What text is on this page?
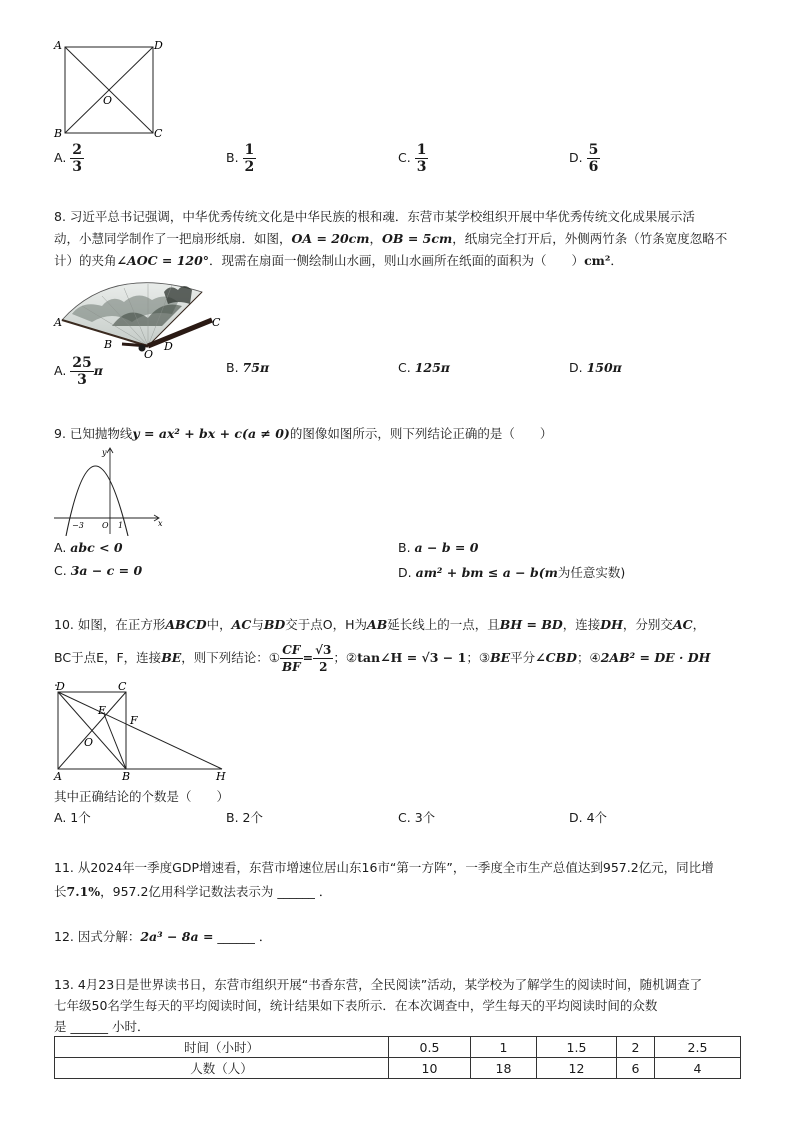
A	D
B	C
O
A. $\frac{2}{3}$	B. $\frac{1}{2}$	C. $\frac{1}{3}$	D. $\frac{5}{6}$
8. 习近平总书记强调，中华优秀传统文化是中华民族的根和魂．东营市某学校组织开展中华优秀传统文化成果展示活
动，小慧同学制作了一把扇形纸扇．如图，OA = 20cm，OB = 5cm，纸扇完全打开后，外侧两竹条（竹条宽度忽略不
计）的夹角∠AOC = 120°．现需在扇面一侧绘制山水画，则山水画所在纸面的面积为（　　）cm²．
A
B
O
D
C
A. $\frac{25}{3}$ π	B. 75π	C. 125π	D. 150π
9. 已知抛物线y = ax² + bx + c(a ≠ 0)的图像如图所示，则下列结论正确的是（　　）
x
y
O
−3	1
A. abc < 0	B. a − b = 0
C. 3a − c = 0	D. am² + bm ≤ a − b(m为任意实数)
10. 如图，在正方形ABCD中，AC与BD交于点O，H为AB延长线上的一点，且BH = BD，连接DH，分别交AC，
BC于点E，F，连接BE，则下列结论：① $\frac{CF}{BF} = \frac{√3}{2}$ ；②tan∠H = √3 − 1；③BE平分∠CBD；④2AB² = DE · DH
.
D	C
E
F
O
A	B	H
其中正确结论的个数是（　　）
A. 1个	B. 2个	C. 3个	D. 4个
11. 从2024年一季度GDP增速看，东营市增速位居山东16市“第一方阵”，一季度全市生产总值达到957.2亿元，同比增
长7.1%，957.2亿用科学记数法表示为 ______ ．
12. 因式分解：2a³ − 8a = ______ ．
13. 4月23日是世界读书日，东营市组织开展“书香东营，全民阅读”活动，某学校为了解学生的阅读时间，随机调查了
七年级50名学生每天的平均阅读时间，统计结果如下表所示．在本次调查中，学生每天的平均阅读时间的众数
是 ______ 小时．
时间（小时）	0.5	1	1.5	2	2.5
人数（人）	10	18	12	6	4
